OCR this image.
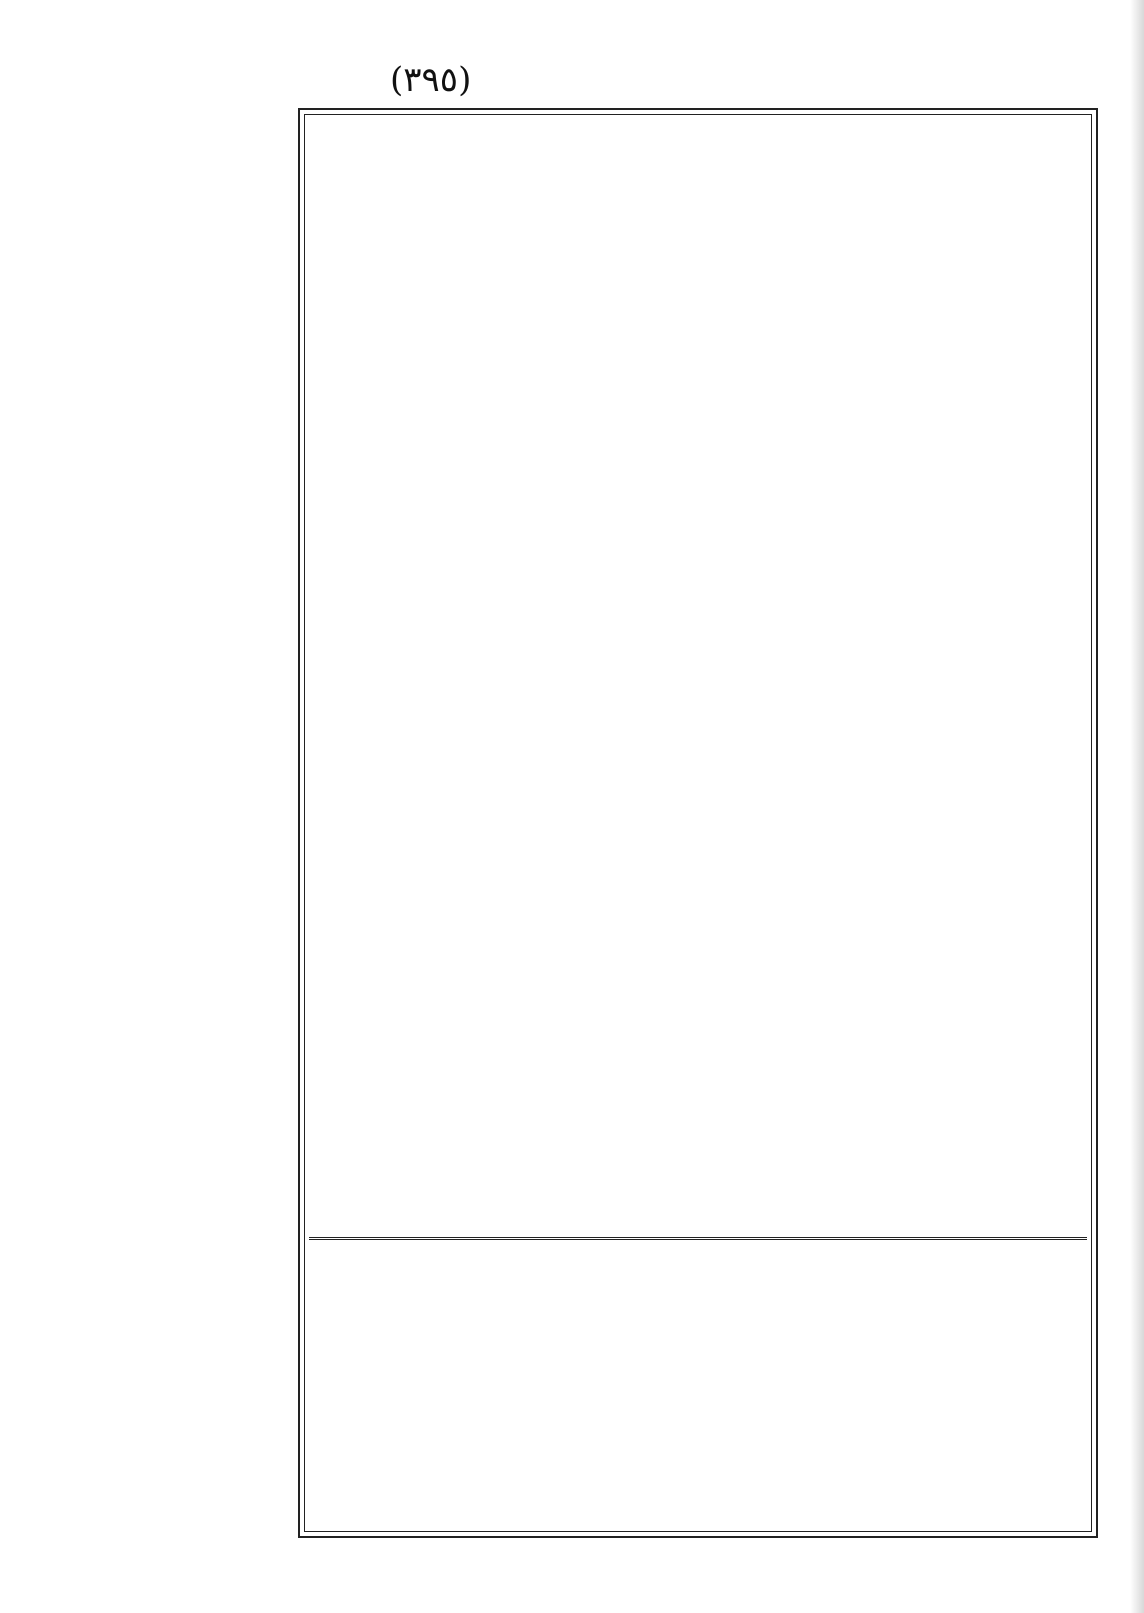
(٣٩٥)
